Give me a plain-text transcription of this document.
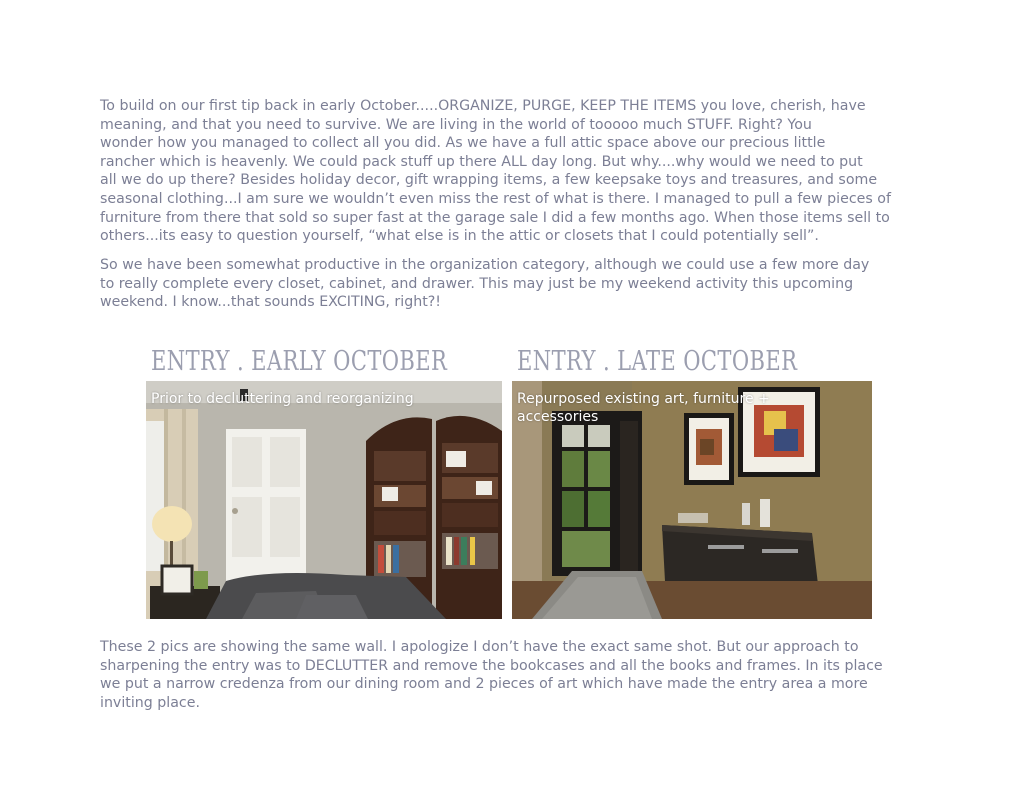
To build on our first tip back in early October.....ORGANIZE, PURGE, KEEP THE ITEMS you love, cherish, have
meaning, and that you need to survive. We are living in the world of tooooo much STUFF. Right? You
wonder how you managed to collect all you did. As we have a full attic space above our precious little
rancher which is heavenly. We could pack stuff up there ALL day long. But why....why would we need to put
all we do up there? Besides holiday decor, gift wrapping items, a few keepsake toys and treasures, and some
seasonal clothing...I am sure we wouldn’t even miss the rest of what is there. I managed to pull a few pieces of
furniture from there that sold so super fast at the garage sale I did a few months ago. When those items sell to
others...its easy to question yourself, “what else is in the attic or closets that I could potentially sell”.

So we have been somewhat productive in the organization category, although we could use a few more day
to really complete every closet, cabinet, and drawer. This may just be my weekend activity this upcoming
weekend. I know...that sounds EXCITING, right?!

ENTRY . EARLY OCTOBER	ENTRY . LATE OCTOBER
Prior to decluttering and reorganizing	Repurposed existing art, furniture + accessories

These 2 pics are showing the same wall. I apologize I don’t have the exact same shot. But our approach to
sharpening the entry was to DECLUTTER and remove the bookcases and all the books and frames. In its place
we put a narrow credenza from our dining room and 2 pieces of art which have made the entry area a more
inviting place.
